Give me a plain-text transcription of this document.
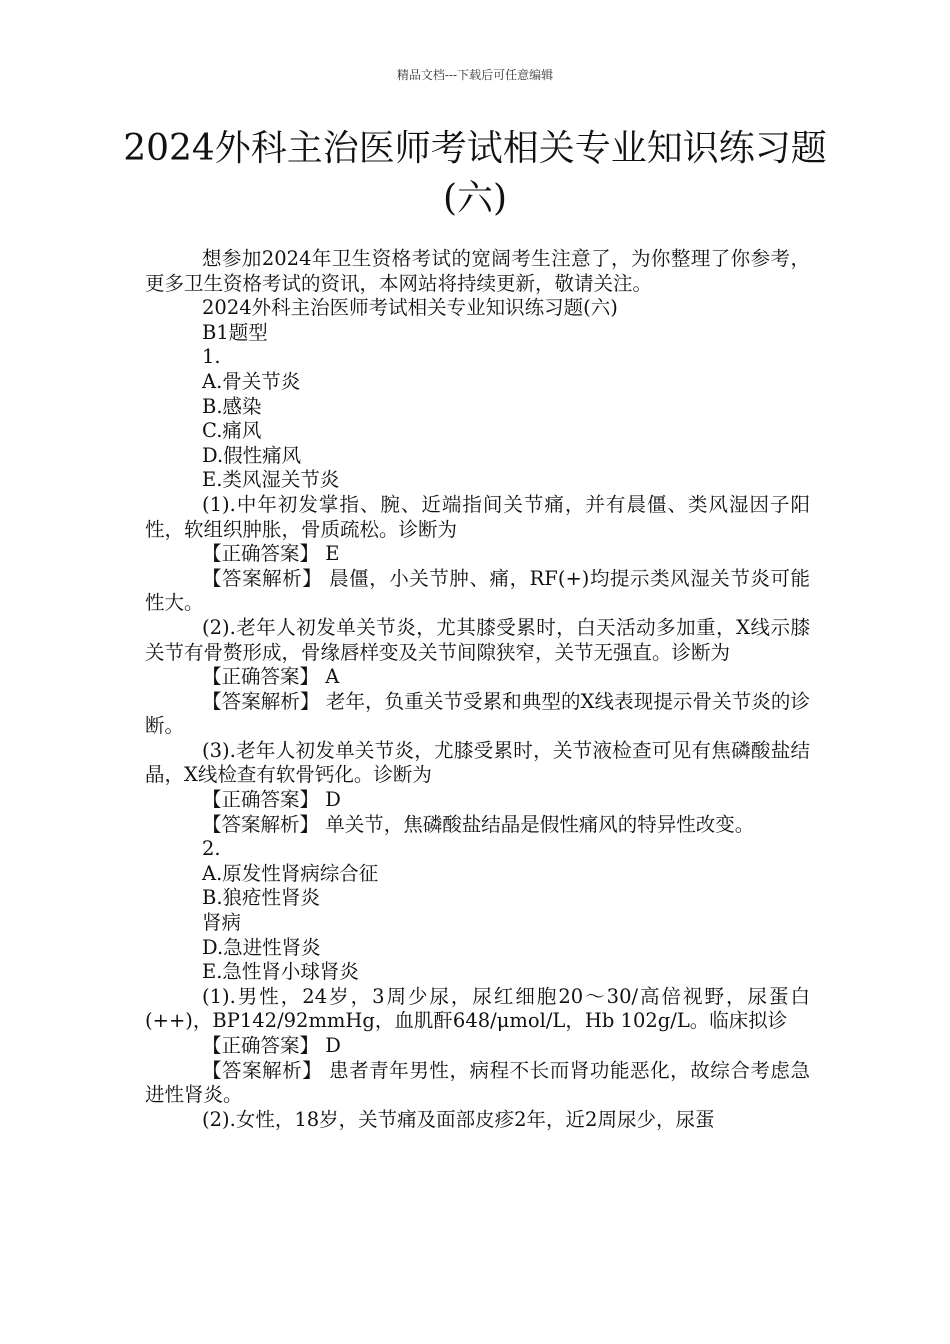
精品文档---下载后可任意编辑
2024外科主治医师考试相关专业知识练习题(六)

想参加2024年卫生资格考试的宽阔考生注意了，为你整理了你参考，更多卫生资格考试的资讯，本网站将持续更新，敬请关注。

2024外科主治医师考试相关专业知识练习题(六)

B1题型

1.

A.骨关节炎

B.感染

C.痛风

D.假性痛风

E.类风湿关节炎

(1).中年初发掌指、腕、近端指间关节痛，并有晨僵、类风湿因子阳性，软组织肿胀，骨质疏松。诊断为

【正确答案】 E

【答案解析】 晨僵，小关节肿、痛，RF(+)均提示类风湿关节炎可能性大。

(2).老年人初发单关节炎，尤其膝受累时，白天活动多加重，X线示膝关节有骨赘形成，骨缘唇样变及关节间隙狭窄，关节无强直。诊断为

【正确答案】 A

【答案解析】 老年，负重关节受累和典型的X线表现提示骨关节炎的诊断。

(3).老年人初发单关节炎，尤膝受累时，关节液检查可见有焦磷酸盐结晶，X线检查有软骨钙化。诊断为

【正确答案】 D

【答案解析】 单关节，焦磷酸盐结晶是假性痛风的特异性改变。

2.

A.原发性肾病综合征

B.狼疮性肾炎

肾病

D.急进性肾炎

E.急性肾小球肾炎

(1).男性，24岁，3周少尿，尿红细胞20～30/高倍视野，尿蛋白(++)，BP142/92mmHg，血肌酐648/μmol/L，Hb 102g/L。临床拟诊

【正确答案】 D

【答案解析】 患者青年男性，病程不长而肾功能恶化，故综合考虑急进性肾炎。

(2).女性，18岁，关节痛及面部皮疹2年，近2周尿少，尿蛋
